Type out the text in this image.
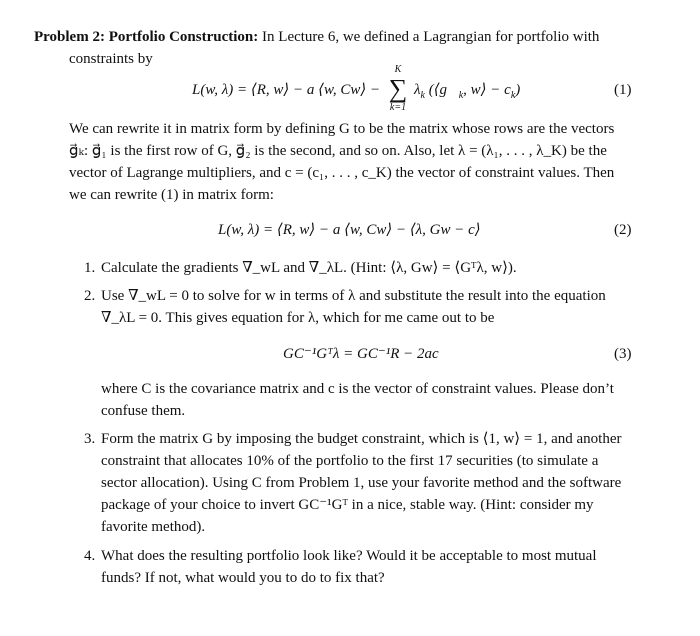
Problem 2: Portfolio Construction: In Lecture 6, we defined a Lagrangian for portfolio with

constraints by

L(w, λ) = ⟨R, w⟩ − a ⟨w, Cw⟩ −
K
∑
k=1
$\lambda_k$ ($⟨g⃗_k$, w⟩ − $c_k$)	(1)

We can rewrite it in matrix form by defining G to be the matrix whose rows are the vectors

g⃗ₖ: g⃗₁ is the first row of G, g⃗₂ is the second, and so on. Also, let λ = (λ₁, . . . , λ_K) be the

vector of Lagrange multipliers, and c = (c₁, . . . , c_K) the vector of constraint values. Then

we can rewrite (1) in matrix form:

L(w, λ) = ⟨R, w⟩ − a ⟨w, Cw⟩ − ⟨λ, Gw − c⟩	(2)
1. Calculate the gradients ∇_wL and ∇_λL. (Hint: ⟨λ, Gw⟩ = ⟨Gᵀλ, w⟩).

2. Use ∇_wL = 0 to solve for w in terms of λ and substitute the result into the equation

∇_λL = 0. This gives equation for λ, which for me came out to be

GC⁻¹Gᵀλ = GC⁻¹R − 2ac	(3)

where C is the covariance matrix and c is the vector of constraint values. Please don’t

confuse them.

3. Form the matrix G by imposing the budget constraint, which is ⟨1, w⟩ = 1, and another

constraint that allocates 10% of the portfolio to the first 17 securities (to simulate a

sector allocation). Using C from Problem 1, use your favorite method and the software

package of your choice to invert GC⁻¹Gᵀ in a nice, stable way. (Hint: consider my

favorite method).

4. What does the resulting portfolio look like? Would it be acceptable to most mutual

funds? If not, what would you to do to fix that?
